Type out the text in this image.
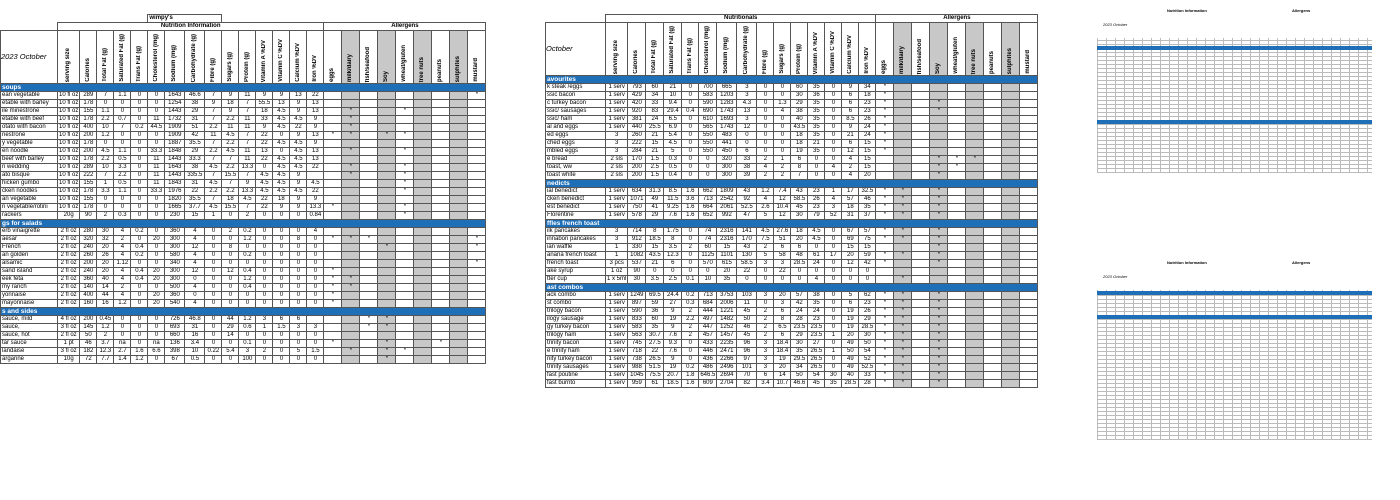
						wimpy's																		
	Nutrition Information															Allergens								
2023 October	serving size	Calories	Total Fat (g)	Saturated Fat (g)	Trans Fat (g)	Cholesterol (mg)	Sodium (mg)	Carbohydrate (g)	Fibre (g)	Sugars (g)	Protein (g)	Vitamin A %DV	Vitamin C %DV	Calcium %DV	Iron %DV	eggs	milk/dairy	fish/seafood	Soy	wheat/gluten	tree nuts	peanuts	sulphites	mustard

soups																								
ean vegetable	10 fl oz	289	7	1.1	0	0	1643	46.6	7	9	11	9	9	13	22									*
etable with barley	10 fl oz	178	0	0	0	0	1254	38	9	18	7	55.5	13	9	13									
ile minestrone	10 fl oz	155	1.1	0	0	0	1443	29	7	9	7	18	4.5	9	13		*			*				
etable with beef	10 fl oz	178	2.2	0.7	0	11	1732	31	7	2.2	11	33	4.5	4.5	9		*							
otato with bacon	10 fl oz	400	10	7	0.2	44.5	1909	51	2.2	11	11	9	4.5	22	9		*							
nestrone	10 fl oz	200	1.2	0	0	0	1909	42	11	4.5	7	22	0	9	13	*	*		*	*				
y vegetable	10 fl oz	178	0	0	0	0	1887	35.5	7	2.2	7	22	4.5	4.5	9									
en noodle	10 fl oz	200	4.5	1.1	0	33.3	1848	29	2.2	4.5	11	13	0	4.5	13		*			*				
beef with barley	10 fl oz	178	2.2	0.5	0	11	1443	33.3	7	7	11	22	4.5	4.5	13									
n wedding	10 fl oz	289	10	3.3	0	11	1643	38	4.5	2.2	13.3	0	4.5	4.5	22		*			*				
ato bisque	10 fl oz	222	7	2.2	0	11	1443	335.5	7	15.5	7	4.5	4.5	9			*			*				
hicken gumbo	10 fl oz	155	1	0.5	0	11	1843	31	4.5	7	9	4.5	4.5	9	4.5					*				
cken noodles	10 fl oz	178	3.3	1.1	0	33.3	1976	22	2.2	2.2	13.3	4.5	4.5	4.5	22					*				
an vegetable	10 fl oz	155	0	0	0	0	1820	35.5	7	18	4.5	22	18	9	9									
n vegetable/rotini	10 fl oz	178	0	0	0	0	1665	37.7	4.5	15.5	7	22	9	9	13.3	*				*				
rackers	20g	90	2	0.3	0	0	230	15	1	0	2	0	0	0	0.84					*				
gs for salads																								
erb vinaigrette	2 fl oz	280	30	4	0.2	0	360	4	0	2	0.2	0	0	0	4									
aesar	2 fl oz	320	32	2	0	20	300	4	0	0	1.2	0	0	8	0	*	*	*						*
French	2 fl oz	240	20	4	0.4	0	300	12	0	8	0	0	0	0	0				*					*
an golden	2 fl oz	260	26	4	0.2	0	580	4	0	0	0.2	0	0	0	0									
alsamic	2 fl oz	200	20	1.12	0	0	340	4	0	0	0	0	0	0	0									*
sand island	2 fl oz	240	20	4	0.4	20	300	12	0	12	0.4	0	0	0	0	*								
eek feta	2 fl oz	360	40	4	0.4	20	300	0	0	0	1.2	0	0	0	0	*	*							
my ranch	2 fl oz	140	14	2	0	0	500	4	0	0	0.4	0	0	0	0	*	*							
yonnaise	2 fl oz	400	44	4	0	20	360	0	0	0	0	0	0	0	0	*								
mayonnaise	2 fl oz	160	16	1.2	0	20	540	4	0	0	0	0	0	0	0	*								
s and sides																								
sauce, mild	4 fl oz	200	0.45	0	0	0	726	46.8	0	44	1.2	3	6	6				*	*					
sauce,	3 fl oz	145	1.2	0	0	0	693	31	0	29	0.6	1	1.5	3	3			*	*					
sauce, hot	2 fl oz	50	2	0	0	0	660	16	0	14	0	0	0	0	0									
tar sauce	1 pt	46	3.7	na	0	na	136	3.4	0	0	0.1	0	0	0	0	*			*			*		
landaise	3 fl oz	182	12.3	2.7	1.6	6.6	398	10	0.22	5.4	3	2	0	5	1.5		*		*	*				
argarine	10g	72	7.7	1.4	1.2	0	67	0.5	0	0	100	0	0	0	0				*					
	Nutritionals															Allergens								
October	serving size	Calories	Total Fat (g)	Saturated Fat (g)	Trans Fat (g)	Cholesterol (mg)	Sodium (mg)	Carbohydrate (g)	Fibre (g)	Sugars (g)	Protein (g)	Vitamin A %DV	Vitamin C %DV	Calcium %DV	Iron %DV	eggs	milk/dairy	fish/seafood	Soy	wheat/gluten	tree nuts	peanuts	sulphites	mustard

avourites																								
k steak /eggs	1 serv	793	60	21	0	700	665	3	0	0	60	35	0	9	34	*								
ssic bacon	1 serv	429	34	10	0	583	1203	3	0	0	30	36	0	6	18	*								
c turkey bacon	1 serv	420	33	9.4	0	590	1283	4.3	0	1.3	29	35	0	6	23	*			*					
ssic/ sausages	1 serv	920	83	29.4	0.4	690	1743	13	0	4	38	35	0	6	23	*			*					
ssic/ ham	1 serv	381	24	6.5	0	610	1693	3	0	0	40	35	0	8.5	26	*								
al and eggs	1 serv	440	25.5	6.9	0	565	1743	12	0	0	43.5	35	0	9	24	*								
ed eggs	3	260	21	5.4	0	550	483	0	0	0	18	35	0	21	24	*								
ched eggs	3	222	15	4.5	0	550	441	0	0	0	18	21	0	6	15	*								
mbled eggs	3	284	21	5	0	550	450	6	0	0	19	35	0	12	15	*								
e bread	2 sls	170	1.5	0.3	0	0	320	33	2	1	6	0	0	4	15				*	*	*			
toast, ww	2 sls	200	2.5	0.5	0	0	300	38	4	2	8	0	4	2	15				*	*				
toast white	2 sls	200	1.5	0.4	0	0	300	39	2	2	7	0	0	4	20				*					
nedicts																								
ial benedict	1 serv	634	31.3	8.5	1.6	662	1809	43	1.2	7.4	43	23	1	17	32.5	*	*		*					
cken benedict	1 serv	1071	49	11.5	3.6	713	2542	92	4	12	58.5	26	4	57	46	*	*		*					
est benedict	1 serv	750	41	9.25	1.6	664	2061	52.5	2.6	10.4	45	23	3	18	35	*	*		*					
Florentine	1 serv	578	29	7.6	1.6	652	992	47	5	12	30	79	52	31	37	*	*		*					
ffles french toast																								
ilk pancakes	3	714	8	1.75	0	74	2316	141	4.5	27.6	18	4.5	0	67	57	*	*		*					
innabon pancakes	3	912	18.5	8	0	74	2316	170	7.5	51	20	4.5	0	69	75	*	*		*					
ian waffle	1	330	15	3.5	2	60	15	43	2	6	6	0	0	15	15				*					
anana french toast	1	1082	43.5	12.3	0	1125	1101	130	5	58	48	61	17	20	59	*	*		*					
french toast	3 pcs	537	21	6	0	570	615	58.5	3	3	28.5	24	0	12	42	*			*					
ake syrup	1 oz	90	0	0	0	0	20	22	0	22	0	0	0	0	0									
tter cup	1 x 5ml	30	3.5	2.5	0.1	10	35	0	0	0	0	4	0	0	0		*							
ast combos																								
ack combo	1 serv	1249	69.5	24.4	0.2	713	3753	103	3	20	57	38	0	5	62	*	*		*					
st combo	1 serv	897	59	27	0.3	684	2006	11	0	3	42	35	0	6	23	*	*		*					
trilogy bacon	1 serv	590	36	9	2	444	1221	45	2	6	24	24	0	19	26	*	*		*					
ilogy sausage	1 serv	833	60	19	2.2	497	1482	50	2	8	28	23	0	19	29	*	*		*					
gy turkey bacon	1 serv	583	35	9	2	447	1252	46	2	6.5	23.5	23.5	0	19	28.5	*	*		*					
trilogy ham	1 serv	563	30.7	7.6	2	457	1457	45	2	6	29	23.5	1	20	30	*	*		*					
trinity bacon	1 serv	745	27.5	9.3	0	433	2235	96	3	18.4	30	27	0	49	50	*	*		*					
e trinity ham	1 serv	718	22	7.6	0	446	2471	96	3	18.4	35	26.5	1	50	54	*	*		*					
nity turkey bacon	1 serv	738	26.5	9	0	436	2266	97	3	19	29.5	26.5	0	49	52	*	*		*					
trinity sausages	1 serv	988	51.5	19	0.2	486	2496	101	3	20	34	26.5	0	49	52.5	*	*		*					
fast poutine	1 serv	1045	75.5	20.7	1.8	646.5	2694	70	6	14	50	54	30	40	33	*	*		*					
fast burrito	1 serv	959	61	18.5	1.6	609	2704	82	3.4	10.7	46.6	45	35	28.5	28	*	*		*					
Nutrition Information	Allergens
2023 October
Nutrition Information	Allergens
2023 October
